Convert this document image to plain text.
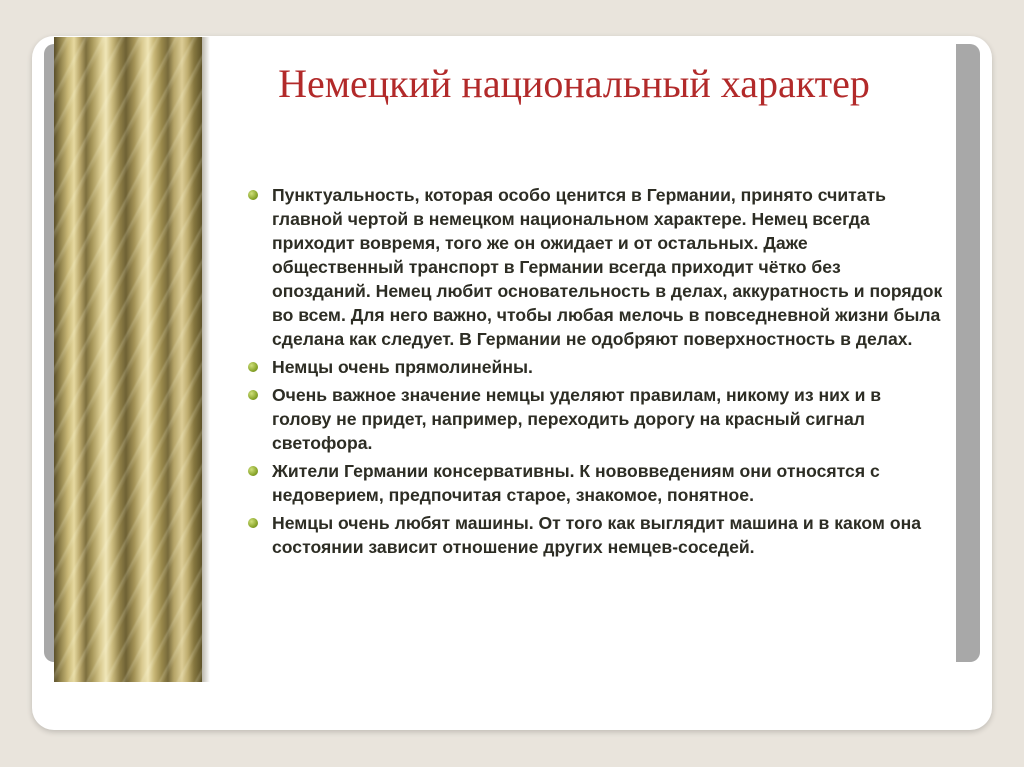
Немецкий национальный характер
Пунктуальность, которая особо ценится в Германии, принято считать главной чертой в немецком национальном характере. Немец всегда приходит вовремя, того же он ожидает и от остальных. Даже общественный транспорт в Германии всегда приходит чётко без опозданий. Немец любит основательность в делах, аккуратность и порядок во всем. Для него важно, чтобы любая мелочь в повседневной жизни была сделана как следует. В Германии не одобряют поверхностность в делах.
Немцы очень прямолинейны.
Очень важное значение немцы уделяют правилам, никому из них и в голову не придет, например, переходить дорогу на красный сигнал светофора.
Жители Германии консервативны. К нововведениям они относятся с недоверием, предпочитая старое, знакомое, понятное.
Немцы очень любят машины. От того как выглядит машина и в каком она состоянии зависит отношение других немцев-соседей.
